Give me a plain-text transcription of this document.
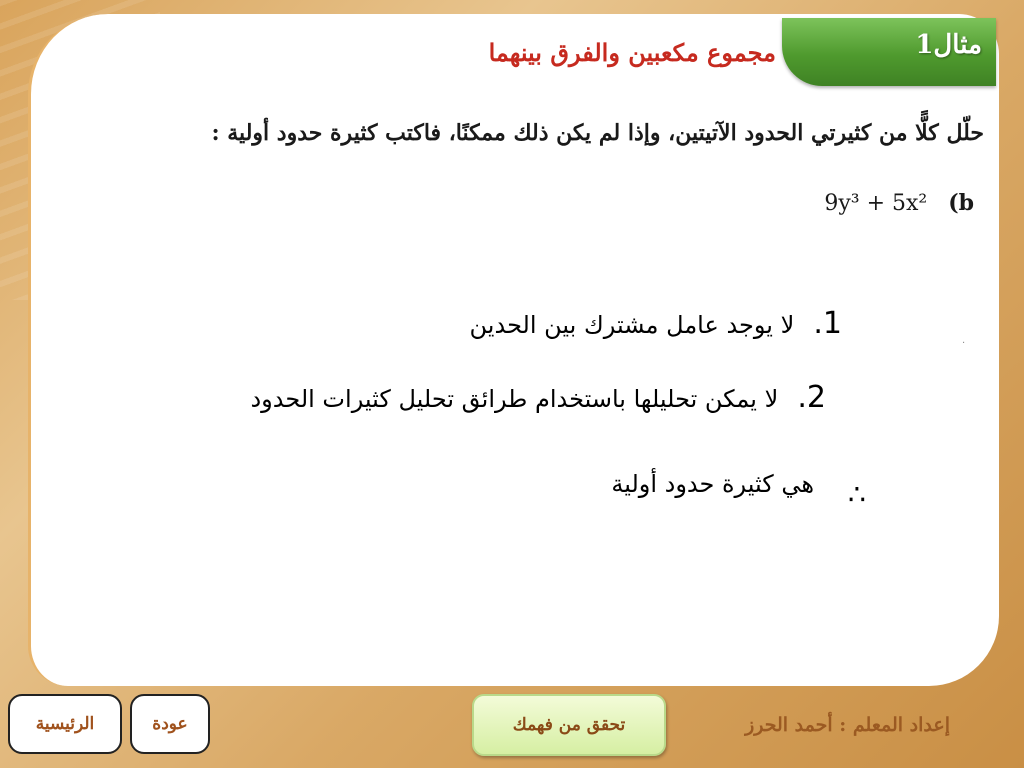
مثال1
مجموع مكعبين والفرق بينهما
حلّل كلًّا من كثيرتي الحدود الآتيتين، وإذا لم يكن ذلك ممكنًا، فاكتب كثيرة حدود أولية :
9y³ + 5x² (b
1. لا يوجد عامل مشترك بين الحدين
2. لا يمكن تحليلها باستخدام طرائق تحليل كثيرات الحدود
هي كثيرة حدود أولية ∴
·
الرئيسية	عودة	تحقق من فهمك	إعداد المعلم : أحمد الحرز
